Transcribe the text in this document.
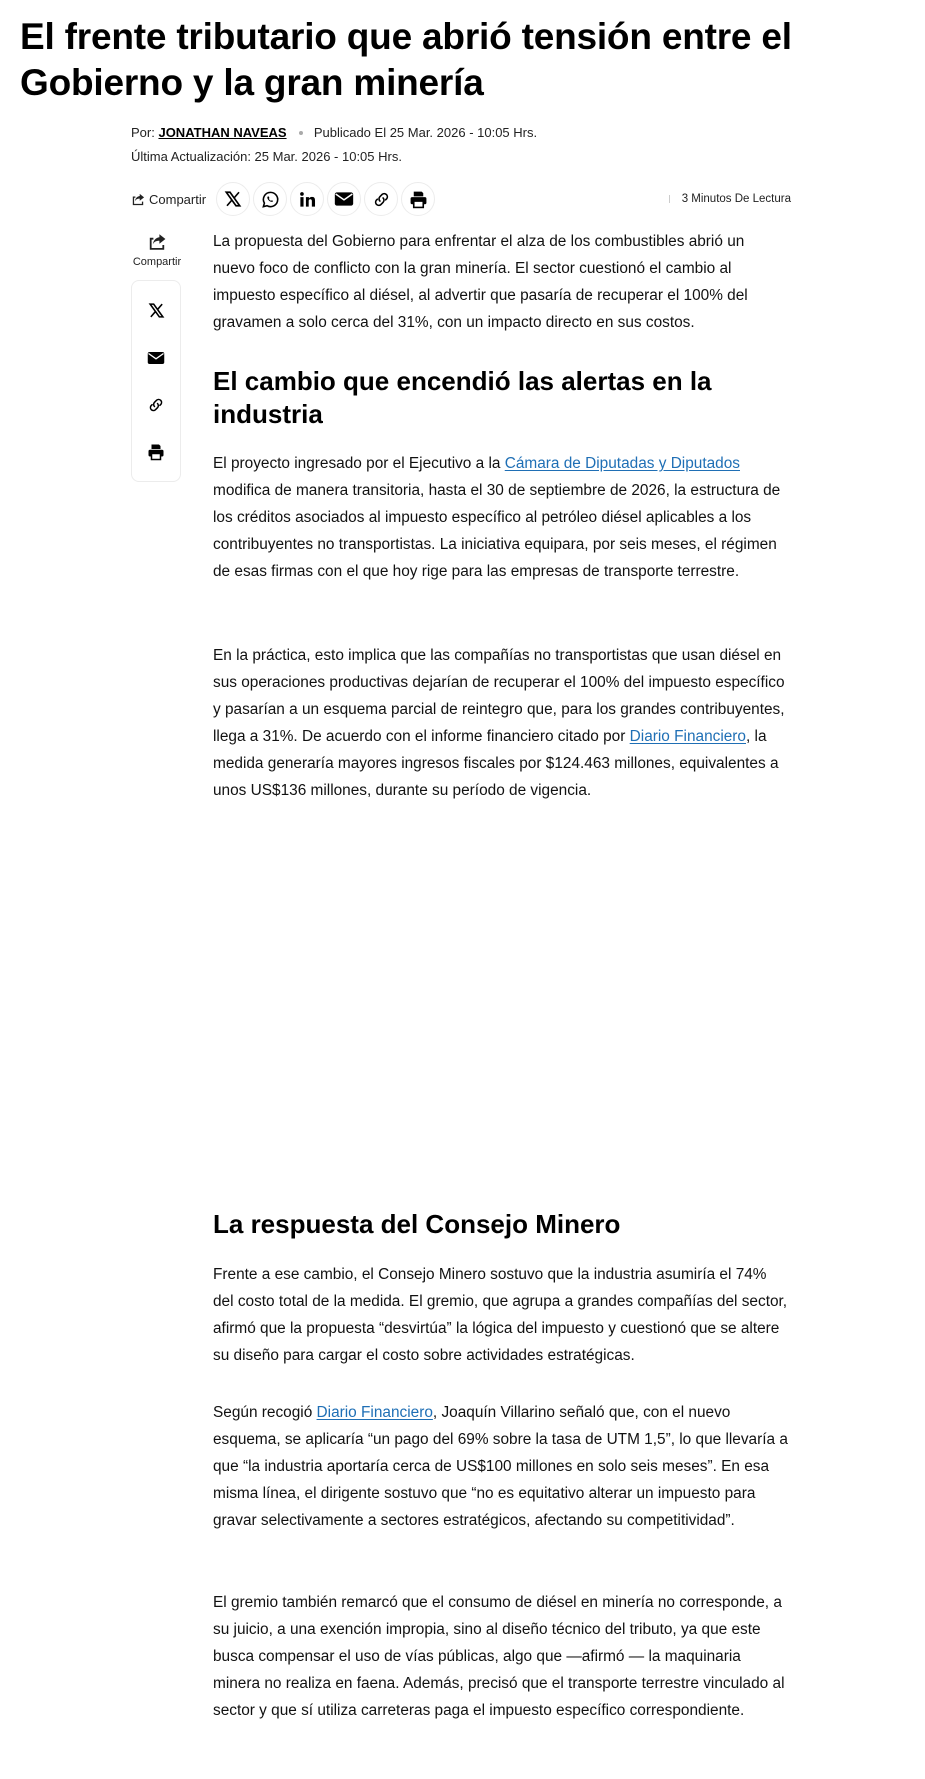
El frente tributario que abrió tensión entre el Gobierno y la gran minería
Por: JONATHAN NAVEAS Publicado El 25 Mar. 2026 - 10:05 Hrs.
Última Actualización: 25 Mar. 2026 - 10:05 Hrs.
Compartir	3 Minutos De Lectura
Compartir

La propuesta del Gobierno para enfrentar el alza de los combustibles abrió un nuevo foco de conflicto con la gran minería. El sector cuestionó el cambio al impuesto específico al diésel, al advertir que pasaría de recuperar el 100% del gravamen a solo cerca del 31%, con un impacto directo en sus costos.

El cambio que encendió las alertas en la industria

El proyecto ingresado por el Ejecutivo a la Cámara de Diputadas y Diputados modifica de manera transitoria, hasta el 30 de septiembre de 2026, la estructura de los créditos asociados al impuesto específico al petróleo diésel aplicables a los contribuyentes no transportistas. La iniciativa equipara, por seis meses, el régimen de esas firmas con el que hoy rige para las empresas de transporte terrestre.

En la práctica, esto implica que las compañías no transportistas que usan diésel en sus operaciones productivas dejarían de recuperar el 100% del impuesto específico y pasarían a un esquema parcial de reintegro que, para los grandes contribuyentes, llega a 31%. De acuerdo con el informe financiero citado por Diario Financiero, la medida generaría mayores ingresos fiscales por $124.463 millones, equivalentes a unos US$136 millones, durante su período de vigencia.

La respuesta del Consejo Minero

Frente a ese cambio, el Consejo Minero sostuvo que la industria asumiría el 74% del costo total de la medida. El gremio, que agrupa a grandes compañías del sector, afirmó que la propuesta “desvirtúa” la lógica del impuesto y cuestionó que se altere su diseño para cargar el costo sobre actividades estratégicas.

Según recogió Diario Financiero, Joaquín Villarino señaló que, con el nuevo esquema, se aplicaría “un pago del 69% sobre la tasa de UTM 1,5”, lo que llevaría a que “la industria aportaría cerca de US$100 millones en solo seis meses”. En esa misma línea, el dirigente sostuvo que “no es equitativo alterar un impuesto para gravar selectivamente a sectores estratégicos, afectando su competitividad”.

El gremio también remarcó que el consumo de diésel en minería no corresponde, a su juicio, a una exención impropia, sino al diseño técnico del tributo, ya que este busca compensar el uso de vías públicas, algo que —afirmó — la maquinaria minera no realiza en faena. Además, precisó que el transporte terrestre vinculado al sector y que sí utiliza carreteras paga el impuesto específico correspondiente.
